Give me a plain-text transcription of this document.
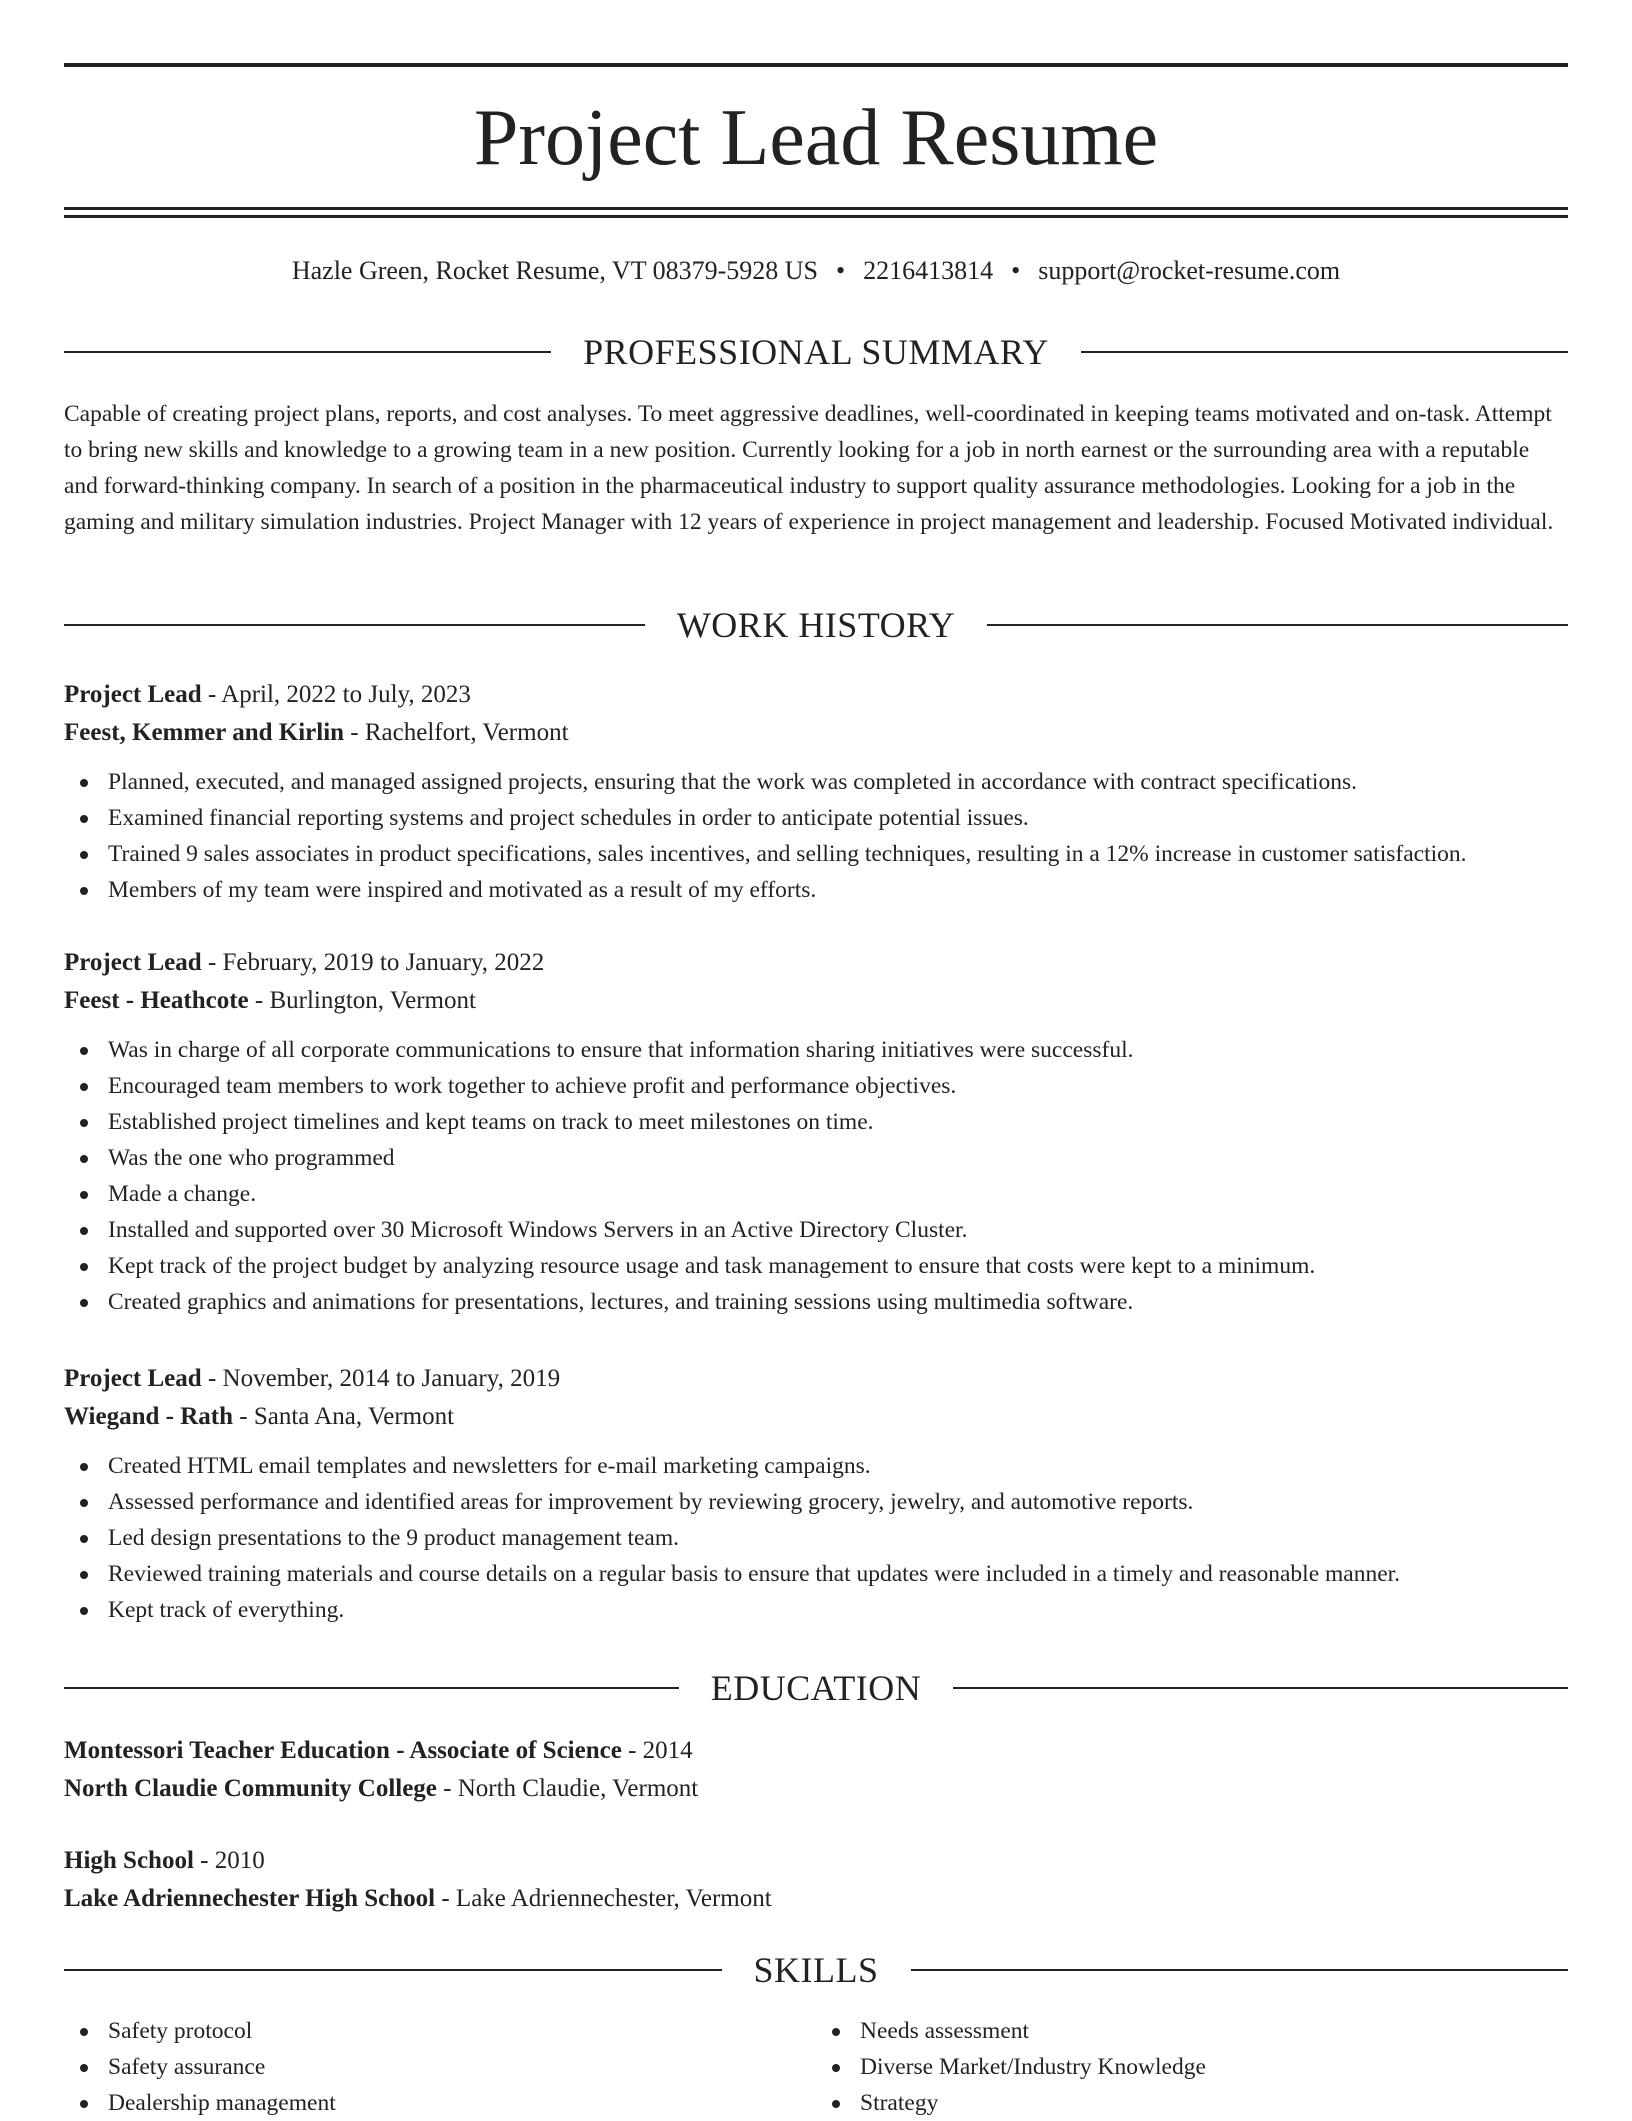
Project Lead Resume
Hazle Green, Rocket Resume, VT 08379-5928 US • 2216413814 • support@rocket-resume.com
PROFESSIONAL SUMMARY

Capable of creating project plans, reports, and cost analyses. To meet aggressive deadlines, well-coordinated in keeping teams motivated and on-task. Attempt to bring new skills and knowledge to a growing team in a new position. Currently looking for a job in north earnest or the surrounding area with a reputable and forward-thinking company. In search of a position in the pharmaceutical industry to support quality assurance methodologies. Looking for a job in the gaming and military simulation industries. Project Manager with 12 years of experience in project management and leadership. Focused Motivated individual.

WORK HISTORY

Project Lead - April, 2022 to July, 2023

Feest, Kemmer and Kirlin - Rachelfort, Vermont

Planned, executed, and managed assigned projects, ensuring that the work was completed in accordance with contract specifications.
Examined financial reporting systems and project schedules in order to anticipate potential issues.
Trained 9 sales associates in product specifications, sales incentives, and selling techniques, resulting in a 12% increase in customer satisfaction.
Members of my team were inspired and motivated as a result of my efforts.

Project Lead - February, 2019 to January, 2022

Feest - Heathcote - Burlington, Vermont

Was in charge of all corporate communications to ensure that information sharing initiatives were successful.
Encouraged team members to work together to achieve profit and performance objectives.
Established project timelines and kept teams on track to meet milestones on time.
Was the one who programmed
Made a change.
Installed and supported over 30 Microsoft Windows Servers in an Active Directory Cluster.
Kept track of the project budget by analyzing resource usage and task management to ensure that costs were kept to a minimum.
Created graphics and animations for presentations, lectures, and training sessions using multimedia software.

Project Lead - November, 2014 to January, 2019

Wiegand - Rath - Santa Ana, Vermont

Created HTML email templates and newsletters for e-mail marketing campaigns.
Assessed performance and identified areas for improvement by reviewing grocery, jewelry, and automotive reports.
Led design presentations to the 9 product management team.
Reviewed training materials and course details on a regular basis to ensure that updates were included in a timely and reasonable manner.
Kept track of everything.
EDUCATION

Montessori Teacher Education - Associate of Science - 2014

North Claudie Community College - North Claudie, Vermont

High School - 2010

Lake Adriennechester High School - Lake Adriennechester, Vermont

SKILLS
Safety protocol
Safety assurance
Dealership management
Needs assessment
Diverse Market/Industry Knowledge
Strategy
